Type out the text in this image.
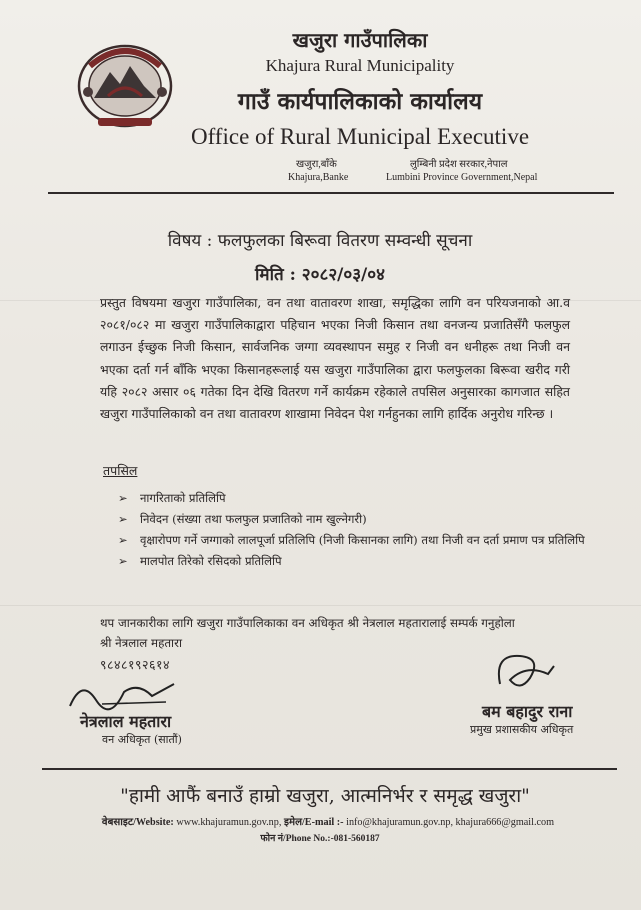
खजुरा गाउँपालिका
Khajura Rural Municipality
गाउँ कार्यपालिकाको कार्यालय
Office of Rural Municipal Executive
खजुरा,बाँके
Khajura,Banke
लुम्बिनी प्रदेश सरकार,नेपाल
Lumbini Province Government,Nepal
विषय : फलफुलका बिरूवा वितरण सम्वन्धी सूचना
मिति : २०८२/०३/०४
प्रस्तुत विषयमा खजुरा गाउँपालिका, वन तथा वातावरण शाखा, समृद्धिका लागि वन परियजनाको आ.व २०८१/०८२ मा खजुरा गाउँपालिकाद्वारा पहिचान भएका निजी किसान तथा वनजन्य प्रजातिसँगै फलफुल लगाउन ईच्छुक निजी किसान, सार्वजनिक जग्गा व्यवस्थापन समुह र निजी वन धनीहरू तथा निजी वन भएका दर्ता गर्न बाँकि भएका किसानहरूलाई यस खजुरा गाउँपालिका द्वारा फलफुलका बिरूवा खरीद गरी यहि २०८२ असार ०६ गतेका दिन देखि वितरण गर्ने कार्यक्रम रहेकाले तपसिल अनुसारका कागजात सहित खजुरा गाउँपालिकाको वन तथा वातावरण शाखामा निवेदन पेश गर्नहुनका लागि हार्दिक अनुरोध गरिन्छ ।
तपसिल
➢ नागरिताको प्रतिलिपि
➢ निवेदन (संख्या तथा फलफुल प्रजातिको नाम खुल्नेगरी)
➢ वृक्षारोपण गर्ने जग्गाको लालपूर्जा प्रतिलिपि (निजी किसानका लागि) तथा निजी वन दर्ता प्रमाण पत्र प्रतिलिपि
➢ मालपोत तिरेको रसिदको प्रतिलिपि
थप जानकारीका लागि खजुरा गाउँपालिकाका वन अधिकृत श्री नेत्रलाल महतारालाई सम्पर्क गनुहोला
श्री नेत्रलाल महतारा
९८४८१९२६१४
नेत्रलाल महतारा
वन अधिकृत (सातौं)
बम बहादुर राना
प्रमुख प्रशासकीय अधिकृत
"हामी आफैं बनाउँ हाम्रो खजुरा, आत्मनिर्भर र समृद्ध खजुरा"
वेबसाइट/Website: www.khajuramun.gov.np, इमेल/E-mail :- info@khajuramun.gov.np, khajura666@gmail.com
फोन नं/Phone No.:-081-560187
